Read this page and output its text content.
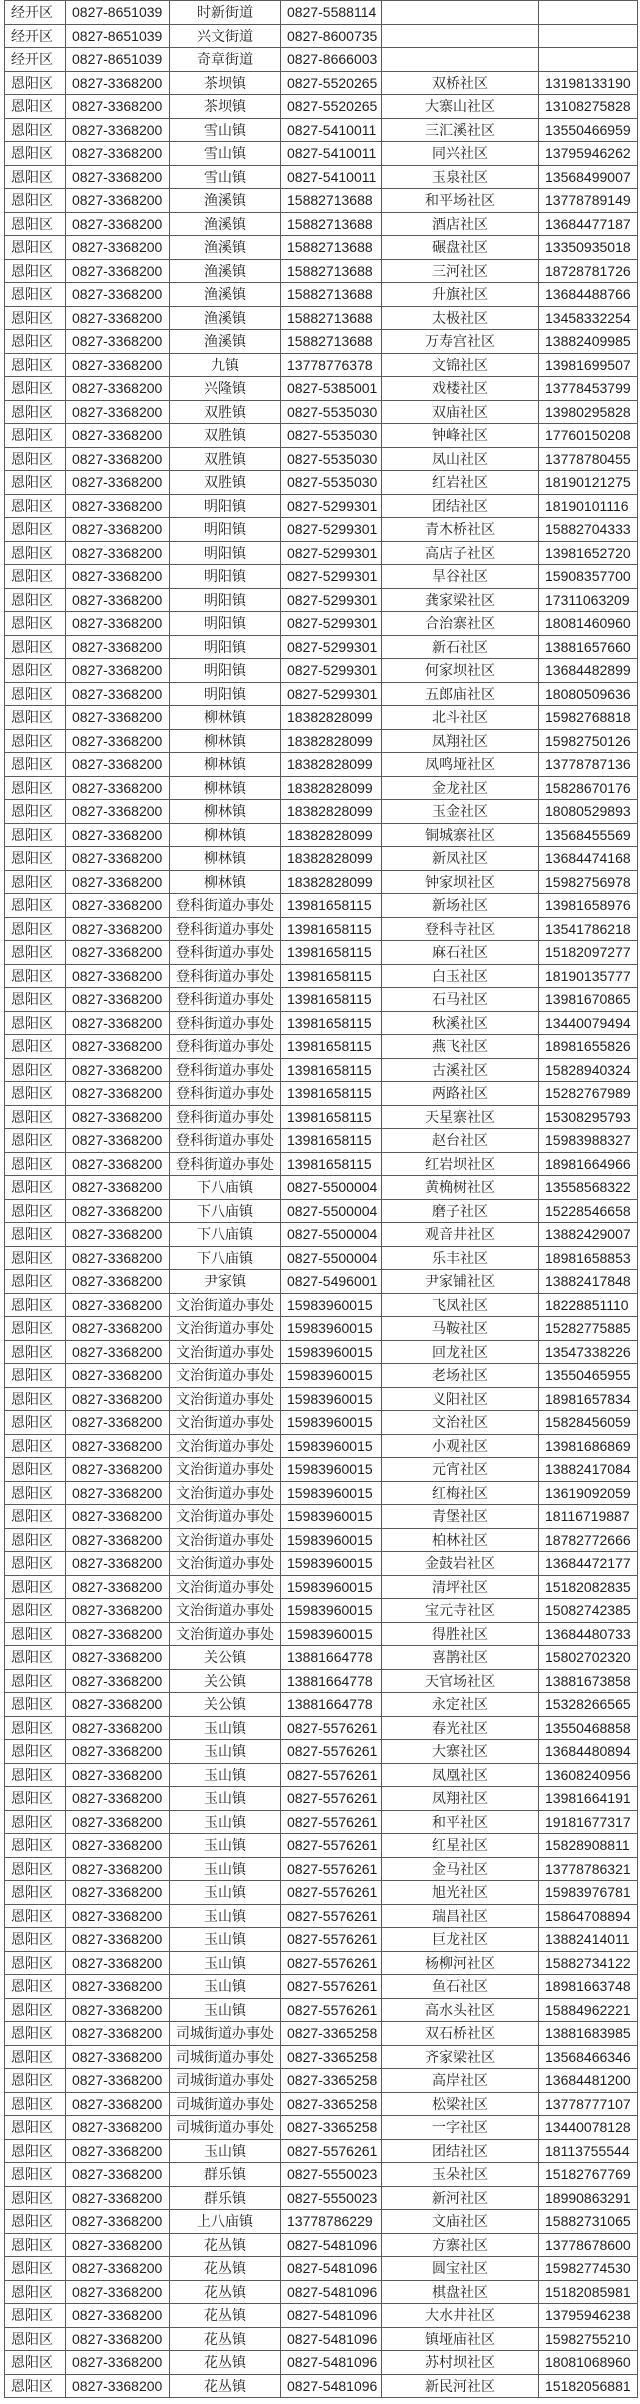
经开区	0827-8651039	时新街道	0827-5588114
经开区	0827-8651039	兴文街道	0827-8600735
经开区	0827-8651039	奇章街道	0827-8666003
恩阳区	0827-3368200	茶坝镇	0827-5520265	双桥社区	13198133190
恩阳区	0827-3368200	茶坝镇	0827-5520265	大寨山社区	13108275828
恩阳区	0827-3368200	雪山镇	0827-5410011	三汇溪社区	13550466959
恩阳区	0827-3368200	雪山镇	0827-5410011	同兴社区	13795946262
恩阳区	0827-3368200	雪山镇	0827-5410011	玉泉社区	13568499007
恩阳区	0827-3368200	渔溪镇	15882713688	和平场社区	13778789149
恩阳区	0827-3368200	渔溪镇	15882713688	酒店社区	13684477187
恩阳区	0827-3368200	渔溪镇	15882713688	碾盘社区	13350935018
恩阳区	0827-3368200	渔溪镇	15882713688	三河社区	18728781726
恩阳区	0827-3368200	渔溪镇	15882713688	升旗社区	13684488766
恩阳区	0827-3368200	渔溪镇	15882713688	太极社区	13458332254
恩阳区	0827-3368200	渔溪镇	15882713688	万寿宫社区	13882409985
恩阳区	0827-3368200	九镇	13778776378	文锦社区	13981699507
恩阳区	0827-3368200	兴隆镇	0827-5385001	戏楼社区	13778453799
恩阳区	0827-3368200	双胜镇	0827-5535030	双庙社区	13980295828
恩阳区	0827-3368200	双胜镇	0827-5535030	钟峰社区	17760150208
恩阳区	0827-3368200	双胜镇	0827-5535030	凤山社区	13778780455
恩阳区	0827-3368200	双胜镇	0827-5535030	红岩社区	18190121275
恩阳区	0827-3368200	明阳镇	0827-5299301	团结社区	18190101116
恩阳区	0827-3368200	明阳镇	0827-5299301	青木桥社区	15882704333
恩阳区	0827-3368200	明阳镇	0827-5299301	高店子社区	13981652720
恩阳区	0827-3368200	明阳镇	0827-5299301	旱谷社区	15908357700
恩阳区	0827-3368200	明阳镇	0827-5299301	龚家梁社区	17311063209
恩阳区	0827-3368200	明阳镇	0827-5299301	合治寨社区	18081460960
恩阳区	0827-3368200	明阳镇	0827-5299301	新石社区	13881657660
恩阳区	0827-3368200	明阳镇	0827-5299301	何家坝社区	13684482899
恩阳区	0827-3368200	明阳镇	0827-5299301	五郎庙社区	18080509636
恩阳区	0827-3368200	柳林镇	18382828099	北斗社区	15982768818
恩阳区	0827-3368200	柳林镇	18382828099	凤翔社区	15982750126
恩阳区	0827-3368200	柳林镇	18382828099	凤鸣垭社区	13778787136
恩阳区	0827-3368200	柳林镇	18382828099	金龙社区	15828670176
恩阳区	0827-3368200	柳林镇	18382828099	玉金社区	18080529893
恩阳区	0827-3368200	柳林镇	18382828099	铜城寨社区	13568455569
恩阳区	0827-3368200	柳林镇	18382828099	新凤社区	13684474168
恩阳区	0827-3368200	柳林镇	18382828099	钟家坝社区	15982756978
恩阳区	0827-3368200 登科街道办事处 13981658115	新场社区	13981658976
恩阳区	0827-3368200 登科街道办事处 13981658115	登科寺社区	13541786218
恩阳区	0827-3368200 登科街道办事处 13981658115	麻石社区	15182097277
恩阳区	0827-3368200 登科街道办事处 13981658115	白玉社区	18190135777
恩阳区	0827-3368200 登科街道办事处 13981658115	石马社区	13981670865
恩阳区	0827-3368200 登科街道办事处 13981658115	秋溪社区	13440079494
恩阳区	0827-3368200 登科街道办事处 13981658115	燕飞社区	18981655826
恩阳区	0827-3368200 登科街道办事处 13981658115	古溪社区	15828940324
恩阳区	0827-3368200 登科街道办事处 13981658115	两路社区	15282767989
恩阳区	0827-3368200 登科街道办事处 13981658115	天星寨社区	15308295793
恩阳区	0827-3368200 登科街道办事处 13981658115	赵台社区	15983988327
恩阳区	0827-3368200 登科街道办事处 13981658115	红岩坝社区	18981664966
恩阳区	0827-3368200	下八庙镇	0827-5500004	黄桷树社区	13558568322
恩阳区	0827-3368200	下八庙镇	0827-5500004	磨子社区	15228546658
恩阳区	0827-3368200	下八庙镇	0827-5500004	观音井社区	13882429007
恩阳区	0827-3368200	下八庙镇	0827-5500004	乐丰社区	18981658853
恩阳区	0827-3368200	尹家镇	0827-5496001	尹家铺社区	13882417848
恩阳区	0827-3368200 文治街道办事处 15983960015	飞凤社区	18228851110
恩阳区	0827-3368200 文治街道办事处 15983960015	马鞍社区	15282775885
恩阳区	0827-3368200 文治街道办事处 15983960015	回龙社区	13547338226
恩阳区	0827-3368200 文治街道办事处 15983960015	老场社区	13550465955
恩阳区	0827-3368200 文治街道办事处 15983960015	义阳社区	18981657834
恩阳区	0827-3368200 文治街道办事处 15983960015	文治社区	15828456059
恩阳区	0827-3368200 文治街道办事处 15983960015	小观社区	13981686869
恩阳区	0827-3368200 文治街道办事处 15983960015	元宵社区	13882417084
恩阳区	0827-3368200 文治街道办事处 15983960015	红梅社区	13619092059
恩阳区	0827-3368200 文治街道办事处 15983960015	青堡社区	18116719887
恩阳区	0827-3368200 文治街道办事处 15983960015	柏林社区	18782772666
恩阳区	0827-3368200 文治街道办事处 15983960015	金鼓岩社区	13684472177
恩阳区	0827-3368200 文治街道办事处 15983960015	清坪社区	15182082835
恩阳区	0827-3368200 文治街道办事处 15983960015	宝元寺社区	15082742385
恩阳区	0827-3368200 文治街道办事处 15983960015	得胜社区	13684480733
恩阳区	0827-3368200	关公镇	13881664778	喜鹊社区	15802702320
恩阳区	0827-3368200	关公镇	13881664778	天官场社区	13881673858
恩阳区	0827-3368200	关公镇	13881664778	永定社区	15328266565
恩阳区	0827-3368200	玉山镇	0827-5576261	春光社区	13550468858
恩阳区	0827-3368200	玉山镇	0827-5576261	大寨社区	13684480894
恩阳区	0827-3368200	玉山镇	0827-5576261	凤凰社区	13608240956
恩阳区	0827-3368200	玉山镇	0827-5576261	凤翔社区	13981664191
恩阳区	0827-3368200	玉山镇	0827-5576261	和平社区	19181677317
恩阳区	0827-3368200	玉山镇	0827-5576261	红星社区	15828908811
恩阳区	0827-3368200	玉山镇	0827-5576261	金马社区	13778786321
恩阳区	0827-3368200	玉山镇	0827-5576261	旭光社区	15983976781
恩阳区	0827-3368200	玉山镇	0827-5576261	瑞昌社区	15864708894
恩阳区	0827-3368200	玉山镇	0827-5576261	巨龙社区	13882414011
恩阳区	0827-3368200	玉山镇	0827-5576261	杨柳河社区	15882734122
恩阳区	0827-3368200	玉山镇	0827-5576261	鱼石社区	18981663748
恩阳区	0827-3368200	玉山镇	0827-5576261	高水头社区	15884962221
恩阳区	0827-3368200 司城街道办事处 0827-3365258	双石桥社区	13881683985
恩阳区	0827-3368200 司城街道办事处 0827-3365258	齐家梁社区	13568466346
恩阳区	0827-3368200 司城街道办事处 0827-3365258	高岸社区	13684481200
恩阳区	0827-3368200 司城街道办事处 0827-3365258	松梁社区	13778777107
恩阳区	0827-3368200 司城街道办事处 0827-3365258	一字社区	13440078128
恩阳区	0827-3368200	玉山镇	0827-5576261	团结社区	18113755544
恩阳区	0827-3368200	群乐镇	0827-5550023	玉朵社区	15182767769
恩阳区	0827-3368200	群乐镇	0827-5550023	新河社区	18990863291
恩阳区	0827-3368200	上八庙镇	13778786229	文庙社区	15882731065
恩阳区	0827-3368200	花丛镇	0827-5481096	方寨社区	13778678600
恩阳区	0827-3368200	花丛镇	0827-5481096	圆宝社区	15982774530
恩阳区	0827-3368200	花丛镇	0827-5481096	棋盘社区	15182085981
恩阳区	0827-3368200	花丛镇	0827-5481096	大水井社区	13795946238
恩阳区	0827-3368200	花丛镇	0827-5481096	镇垭庙社区	15982755210
恩阳区	0827-3368200	花丛镇	0827-5481096	苏村坝社区	18081068960
恩阳区	0827-3368200	花丛镇	0827-5481096	新民河社区	15182056881
